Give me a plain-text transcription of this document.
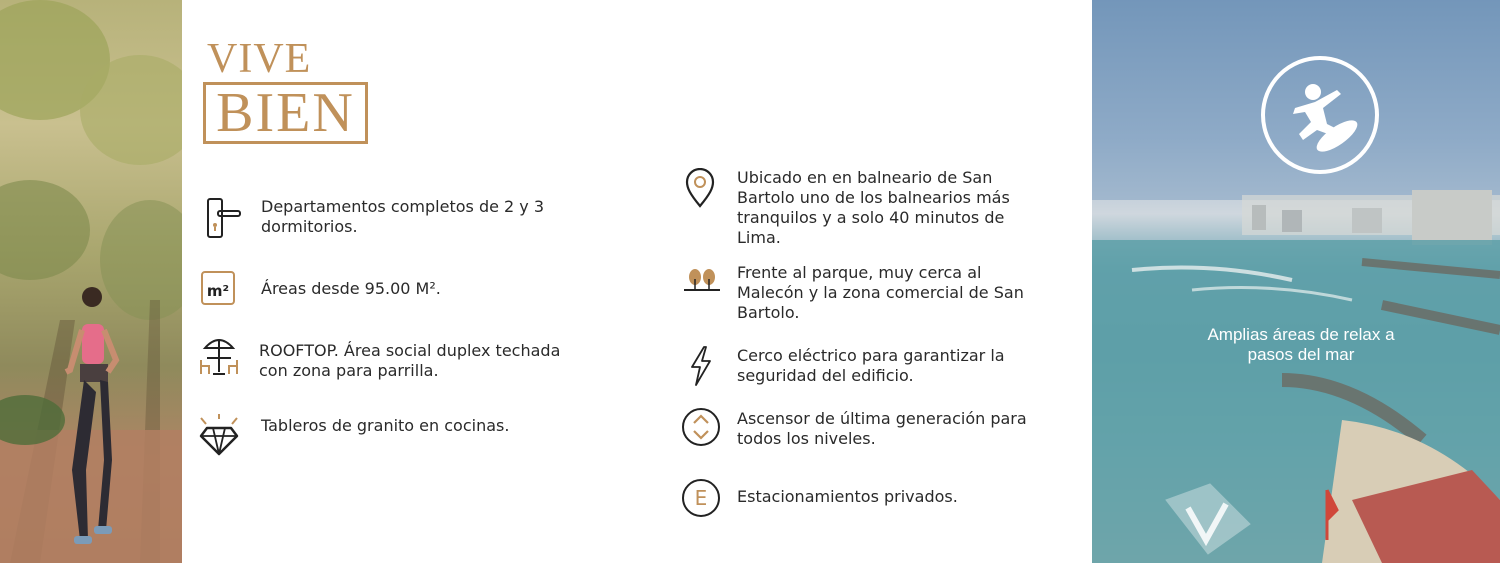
VIVE
BIEN
Departamentos completos de 2 y 3 dormitorios.
m² Áreas desde 95.00 M².
ROOFTOP. Área social duplex techada con zona para parrilla.
Tableros de granito en cocinas.
Ubicado en en balneario de San Bartolo uno de los balnearios más tranquilos y a solo 40 minutos de Lima.
Frente al parque, muy cerca al Malecón y la zona comercial de San Bartolo.
Cerco eléctrico para garantizar la seguridad del edificio.
Ascensor de última generación para todos los niveles.
E Estacionamientos privados.
Amplias áreas de relax a pasos del mar
